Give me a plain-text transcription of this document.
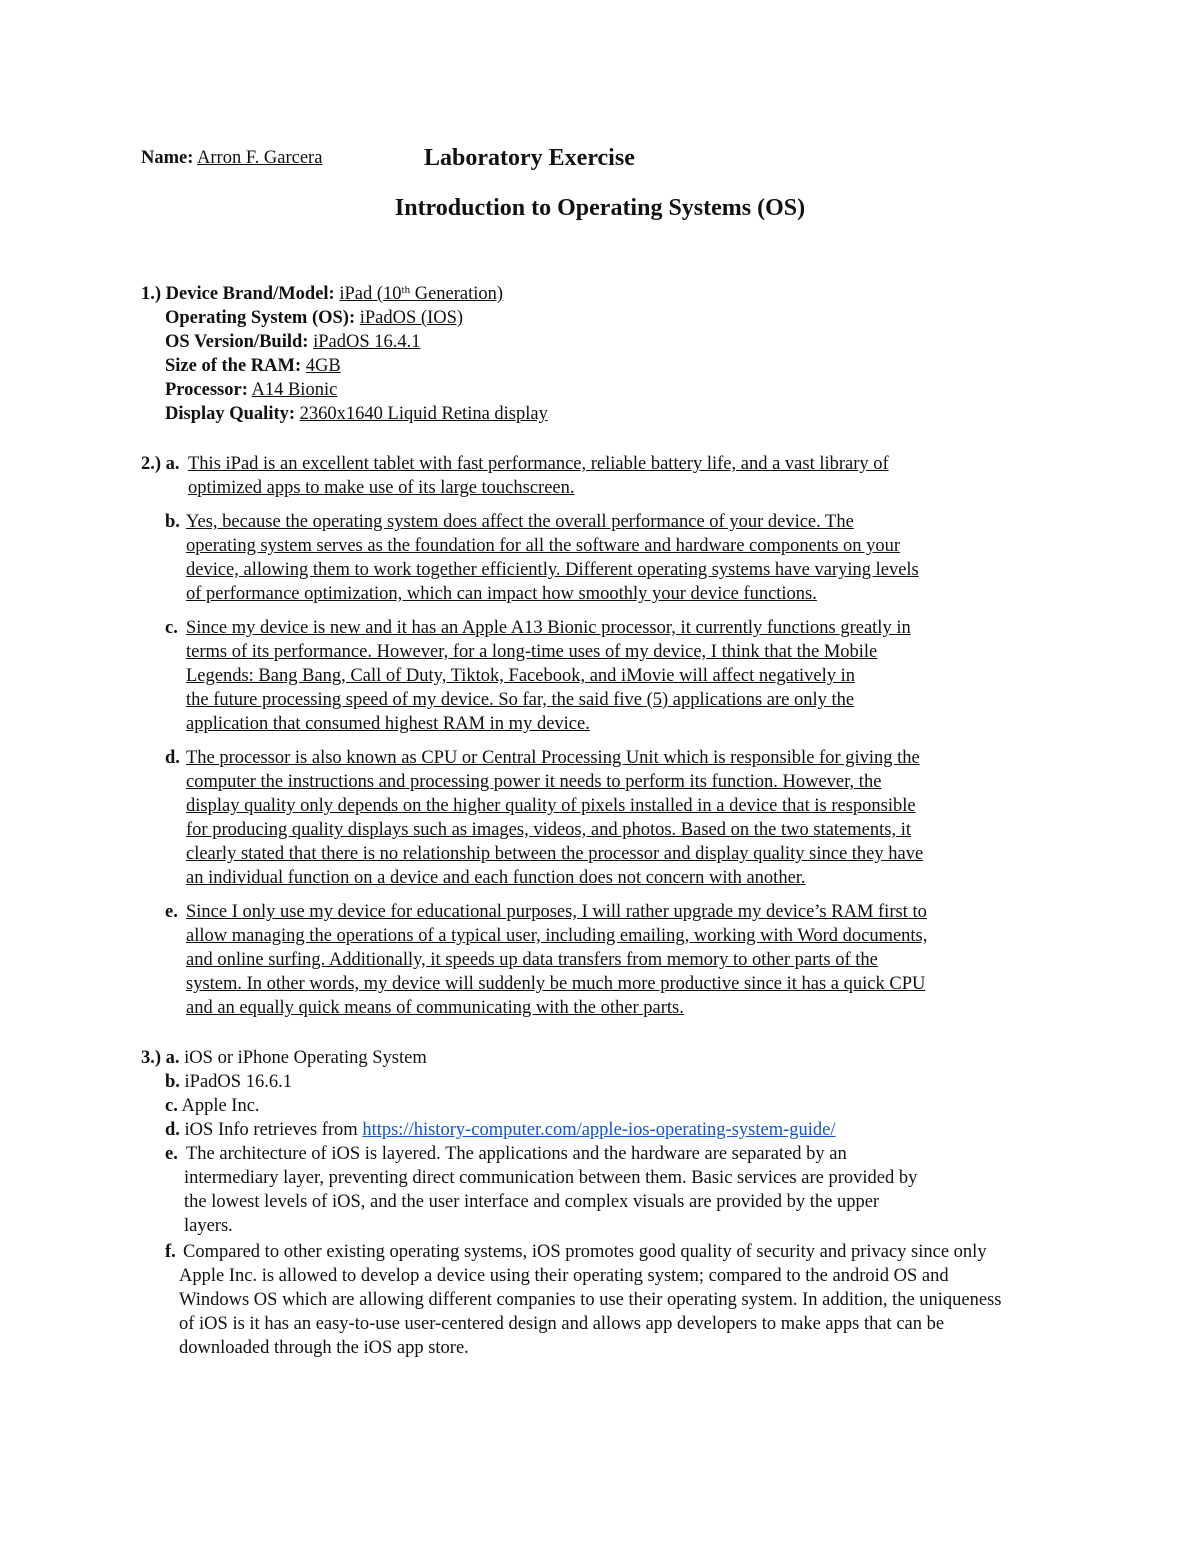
Name: Arron F. Garcera	Laboratory Exercise
Introduction to Operating Systems (OS)
1.) Device Brand/Model: iPad (10th Generation)
Operating System (OS): iPadOS (IOS)
OS Version/Build: iPadOS 16.4.1
Size of the RAM: 4GB
Processor: A14 Bionic
Display Quality: 2360x1640 Liquid Retina display
2.) a. This iPad is an excellent tablet with fast performance, reliable battery life, and a vast library of
optimized apps to make use of its large touchscreen.
b. Yes, because the operating system does affect the overall performance of your device. The
operating system serves as the foundation for all the software and hardware components on your
device, allowing them to work together efficiently. Different operating systems have varying levels
of performance optimization, which can impact how smoothly your device functions.
c. Since my device is new and it has an Apple A13 Bionic processor, it currently functions greatly in
terms of its performance. However, for a long-time uses of my device, I think that the Mobile
Legends: Bang Bang, Call of Duty, Tiktok, Facebook, and iMovie will affect negatively in
the future processing speed of my device. So far, the said five (5) applications are only the
application that consumed highest RAM in my device.
d. The processor is also known as CPU or Central Processing Unit which is responsible for giving the
computer the instructions and processing power it needs to perform its function. However, the
display quality only depends on the higher quality of pixels installed in a device that is responsible
for producing quality displays such as images, videos, and photos. Based on the two statements, it
clearly stated that there is no relationship between the processor and display quality since they have
an individual function on a device and each function does not concern with another.
e. Since I only use my device for educational purposes, I will rather upgrade my device’s RAM first to
allow managing the operations of a typical user, including emailing, working with Word documents,
and online surfing. Additionally, it speeds up data transfers from memory to other parts of the
system. In other words, my device will suddenly be much more productive since it has a quick CPU
and an equally quick means of communicating with the other parts.
3.) a. iOS or iPhone Operating System
b. iPadOS 16.6.1
c. Apple Inc.
d. iOS Info retrieves from https://history-computer.com/apple-ios-operating-system-guide/
e. The architecture of iOS is layered. The applications and the hardware are separated by an
intermediary layer, preventing direct communication between them. Basic services are provided by
the lowest levels of iOS, and the user interface and complex visuals are provided by the upper
layers.
f. Compared to other existing operating systems, iOS promotes good quality of security and privacy since only
Apple Inc. is allowed to develop a device using their operating system; compared to the android OS and
Windows OS which are allowing different companies to use their operating system. In addition, the uniqueness
of iOS is it has an easy-to-use user-centered design and allows app developers to make apps that can be
downloaded through the iOS app store.
